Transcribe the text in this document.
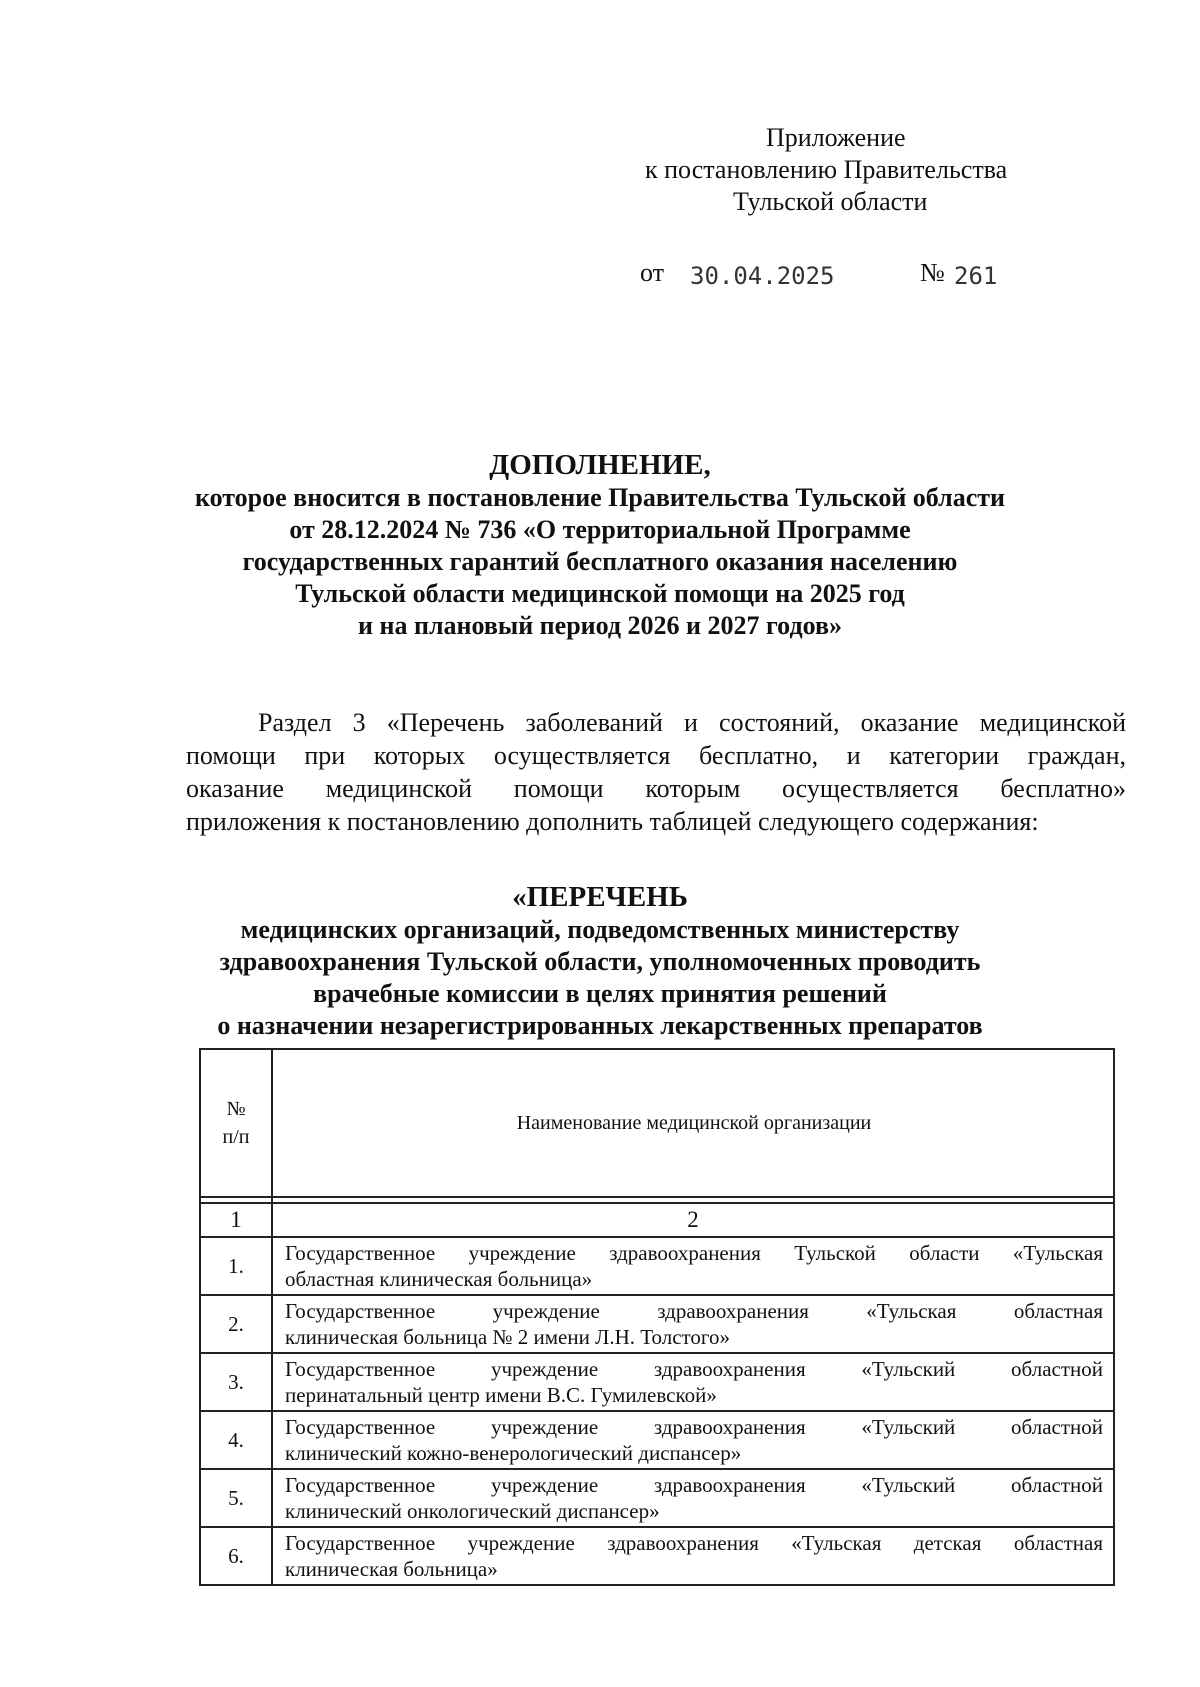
Приложение
к постановлению Правительства
Тульской области
от 30.04.2025	№ 261
ДОПОЛНЕНИЕ,
которое вносится в постановление Правительства Тульской области
от 28.12.2024 № 736 «О территориальной Программе
государственных гарантий бесплатного оказания населению
Тульской области медицинской помощи на 2025 год
и на плановый период 2026 и 2027 годов»
Раздел 3 «Перечень заболеваний и состояний, оказание медицинской
помощи при которых осуществляется бесплатно, и категории граждан,
оказание медицинской помощи которым осуществляется бесплатно»
приложения к постановлению дополнить таблицей следующего содержания:
«ПЕРЕЧЕНЬ
медицинских организаций, подведомственных министерству
здравоохранения Тульской области, уполномоченных проводить
врачебные комиссии в целях принятия решений
о назначении незарегистрированных лекарственных препаратов
№
п/п	Наименование медицинской организации

1	2
1.	Государственное учреждение здравоохранения Тульской области «Тульская
областная клиническая больница»

2.	Государственное учреждение здравоохранения «Тульская областная
клиническая больница № 2 имени Л.Н. Толстого»

3.	Государственное учреждение здравоохранения «Тульский областной
перинатальный центр имени В.С. Гумилевской»

4.	Государственное учреждение здравоохранения «Тульский областной
клинический кожно-венерологический диспансер»

5.	Государственное учреждение здравоохранения «Тульский областной
клинический онкологический диспансер»

6.	Государственное учреждение здравоохранения «Тульская детская областная
клиническая больница»
